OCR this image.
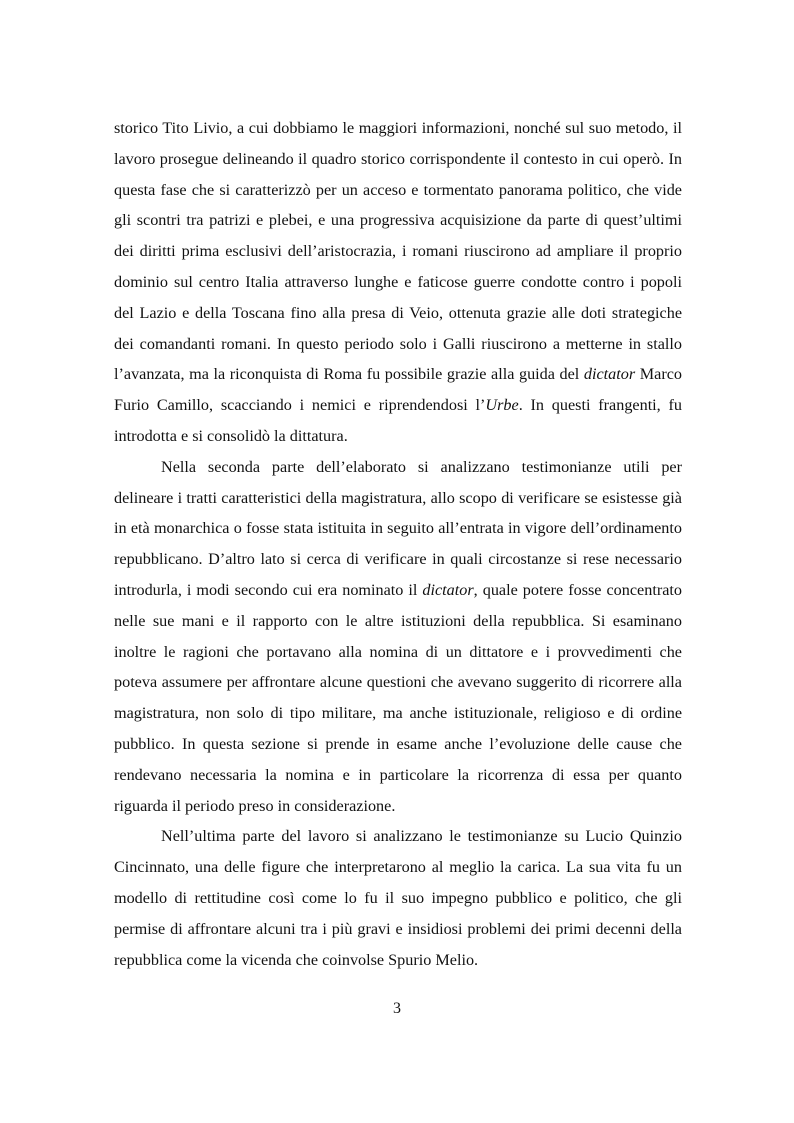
storico Tito Livio, a cui dobbiamo le maggiori informazioni, nonché sul suo metodo, il lavoro prosegue delineando il quadro storico corrispondente il contesto in cui operò. In questa fase che si caratterizzò per un acceso e tormentato panorama politico, che vide gli scontri tra patrizi e plebei, e una progressiva acquisizione da parte di quest’ultimi dei diritti prima esclusivi dell’aristocrazia, i romani riuscirono ad ampliare il proprio dominio sul centro Italia attraverso lunghe e faticose guerre condotte contro i popoli del Lazio e della Toscana fino alla presa di Veio, ottenuta grazie alle doti strategiche dei comandanti romani. In questo periodo solo i Galli riuscirono a metterne in stallo l’avanzata, ma la riconquista di Roma fu possibile grazie alla guida del dictator Marco Furio Camillo, scacciando i nemici e riprendendosi l’Urbe. In questi frangenti, fu introdotta e si consolidò la dittatura.

Nella seconda parte dell’elaborato si analizzano testimonianze utili per delineare i tratti caratteristici della magistratura, allo scopo di verificare se esistesse già in età monarchica o fosse stata istituita in seguito all’entrata in vigore dell’ordinamento repubblicano. D’altro lato si cerca di verificare in quali circostanze si rese necessario introdurla, i modi secondo cui era nominato il dictator, quale potere fosse concentrato nelle sue mani e il rapporto con le altre istituzioni della repubblica. Si esaminano inoltre le ragioni che portavano alla nomina di un dittatore e i provvedimenti che poteva assumere per affrontare alcune questioni che avevano suggerito di ricorrere alla magistratura, non solo di tipo militare, ma anche istituzionale, religioso e di ordine pubblico. In questa sezione si prende in esame anche l’evoluzione delle cause che rendevano necessaria la nomina e in particolare la ricorrenza di essa per quanto riguarda il periodo preso in considerazione.

Nell’ultima parte del lavoro si analizzano le testimonianze su Lucio Quinzio Cincinnato, una delle figure che interpretarono al meglio la carica. La sua vita fu un modello di rettitudine così come lo fu il suo impegno pubblico e politico, che gli permise di affrontare alcuni tra i più gravi e insidiosi problemi dei primi decenni della repubblica come la vicenda che coinvolse Spurio Melio.

3
